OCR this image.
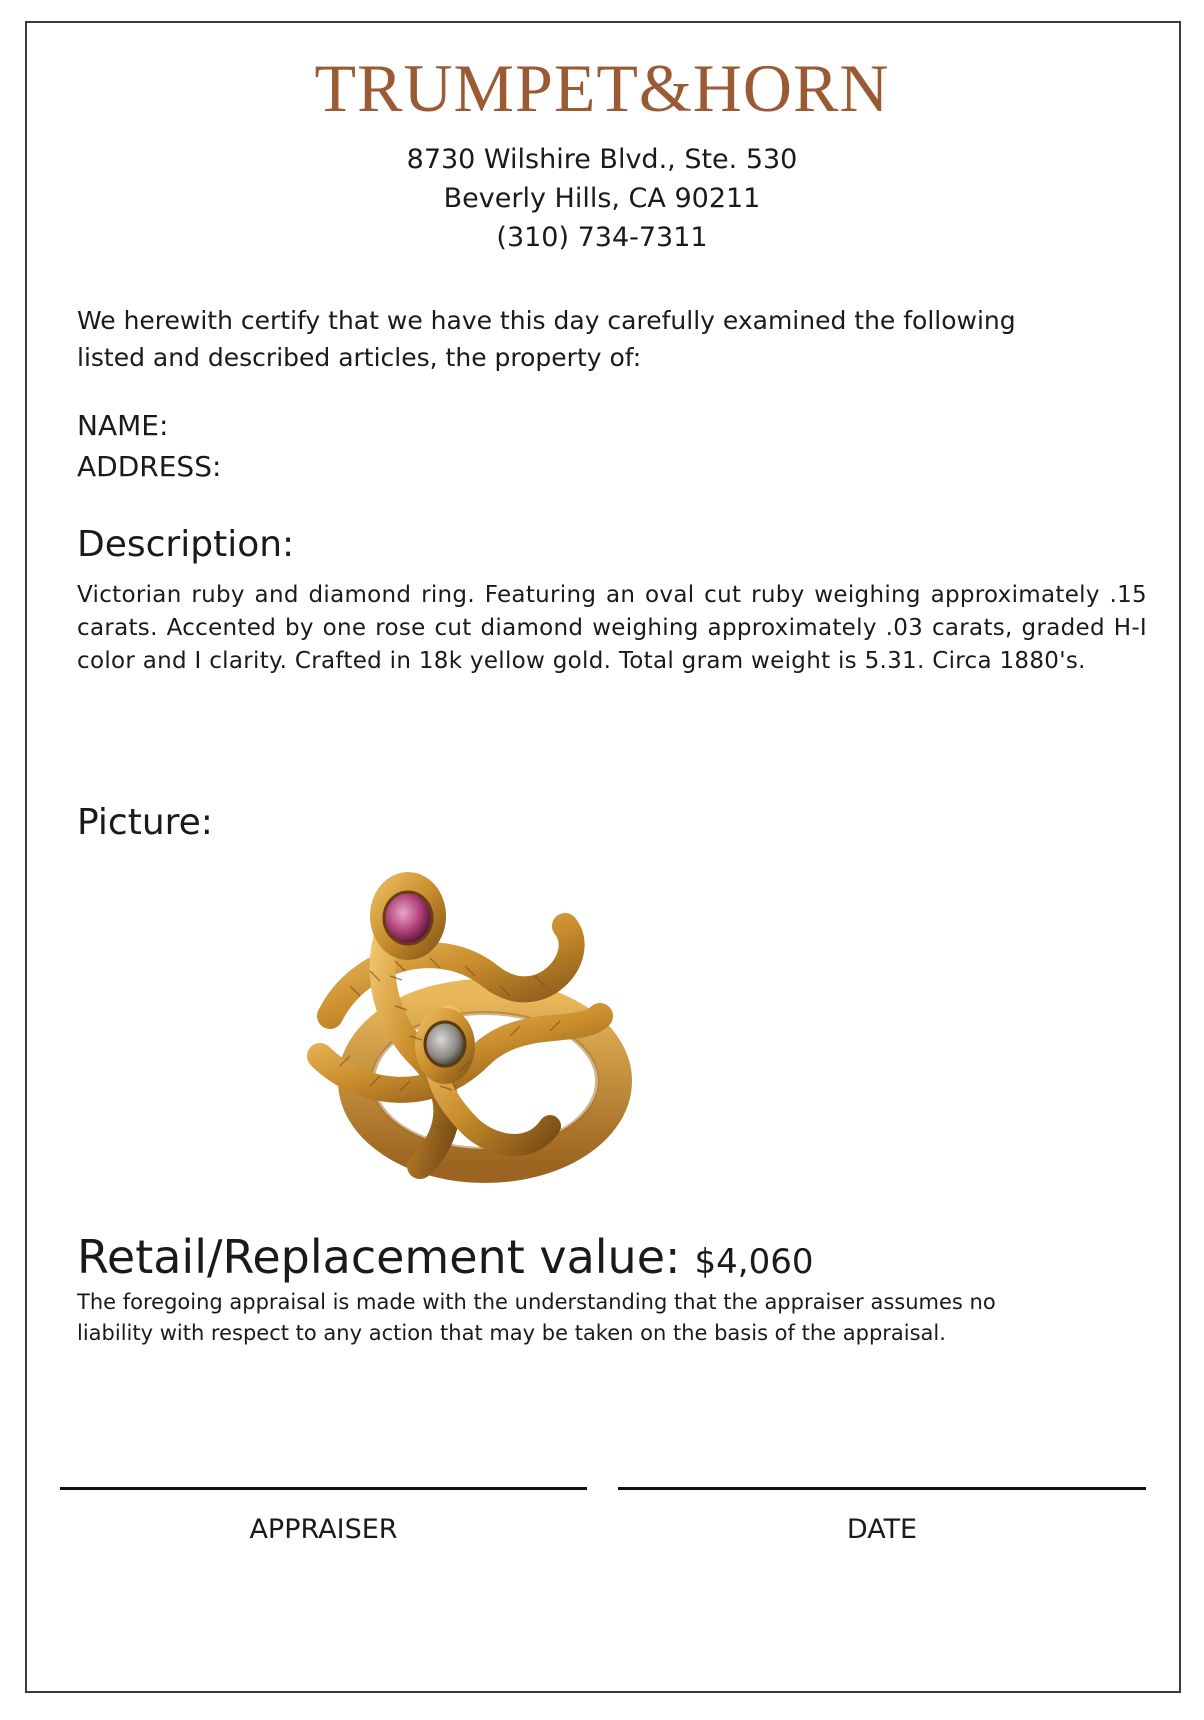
TRUMPET&HORN
8730 Wilshire Blvd., Ste. 530
Beverly Hills, CA 90211
(310) 734-7311
We herewith certify that we have this day carefully examined the following
listed and described articles, the property of:
NAME:
ADDRESS:
Description:
Victorian ruby and diamond ring. Featuring an oval cut ruby weighing approximately .15 carats. Accented by one rose cut diamond weighing approximately .03 carats, graded H-I color and I clarity. Crafted in 18k yellow gold. Total gram weight is 5.31. Circa 1880's.
Picture:
Retail/Replacement value: $4,060
The foregoing appraisal is made with the understanding that the appraiser assumes no
liability with respect to any action that may be taken on the basis of the appraisal.
APPRAISER	DATE
